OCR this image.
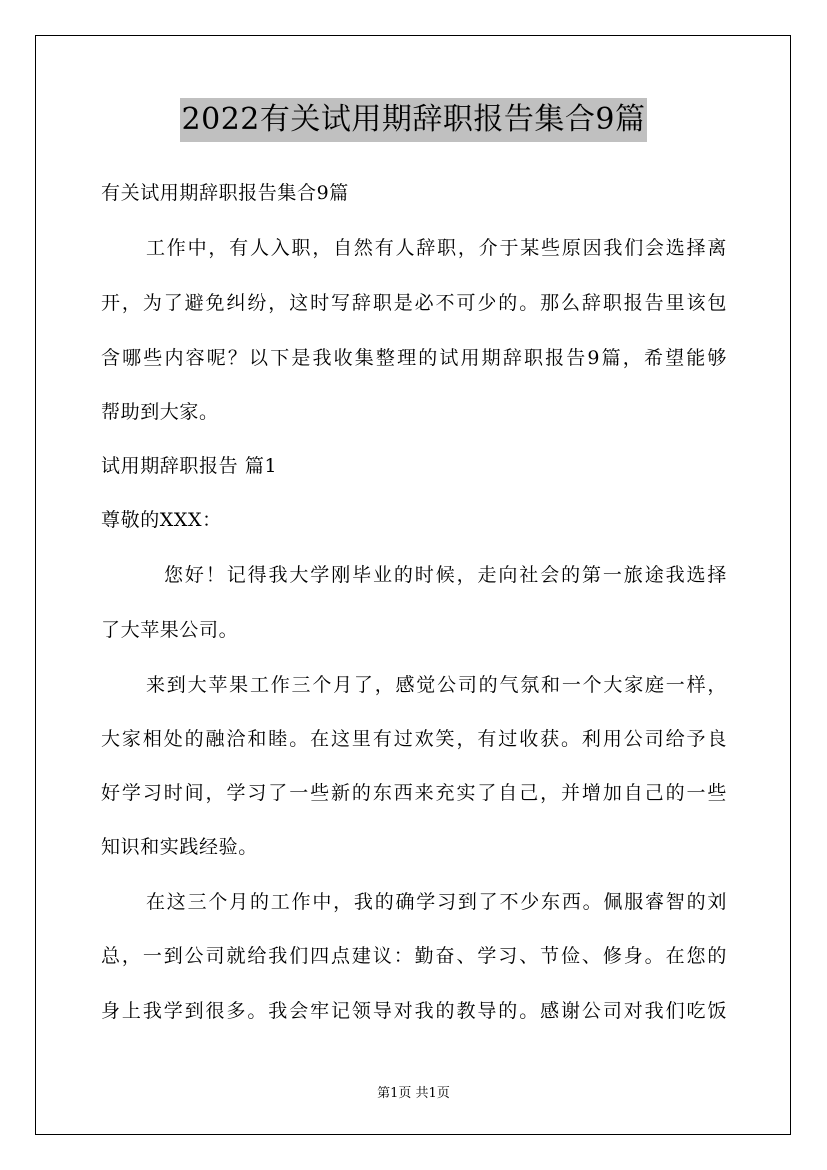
2022有关试用期辞职报告集合9篇

有关试用期辞职报告集合9篇

工作中，有人入职，自然有人辞职，介于某些原因我们会选择离

开，为了避免纠纷，这时写辞职是必不可少的。那么辞职报告里该包

含哪些内容呢？以下是我收集整理的试用期辞职报告9篇，希望能够

帮助到大家。

试用期辞职报告 篇1

尊敬的XXX：

您好！记得我大学刚毕业的时候，走向社会的第一旅途我选择

了大苹果公司。

来到大苹果工作三个月了，感觉公司的气氛和一个大家庭一样，

大家相处的融洽和睦。在这里有过欢笑，有过收获。利用公司给予良

好学习时间，学习了一些新的东西来充实了自己，并增加自己的一些

知识和实践经验。

在这三个月的工作中，我的确学习到了不少东西。佩服睿智的刘

总，一到公司就给我们四点建议：勤奋、学习、节俭、修身。在您的

身上我学到很多。我会牢记领导对我的教导的。感谢公司对我们吃饭

第1页 共1页
